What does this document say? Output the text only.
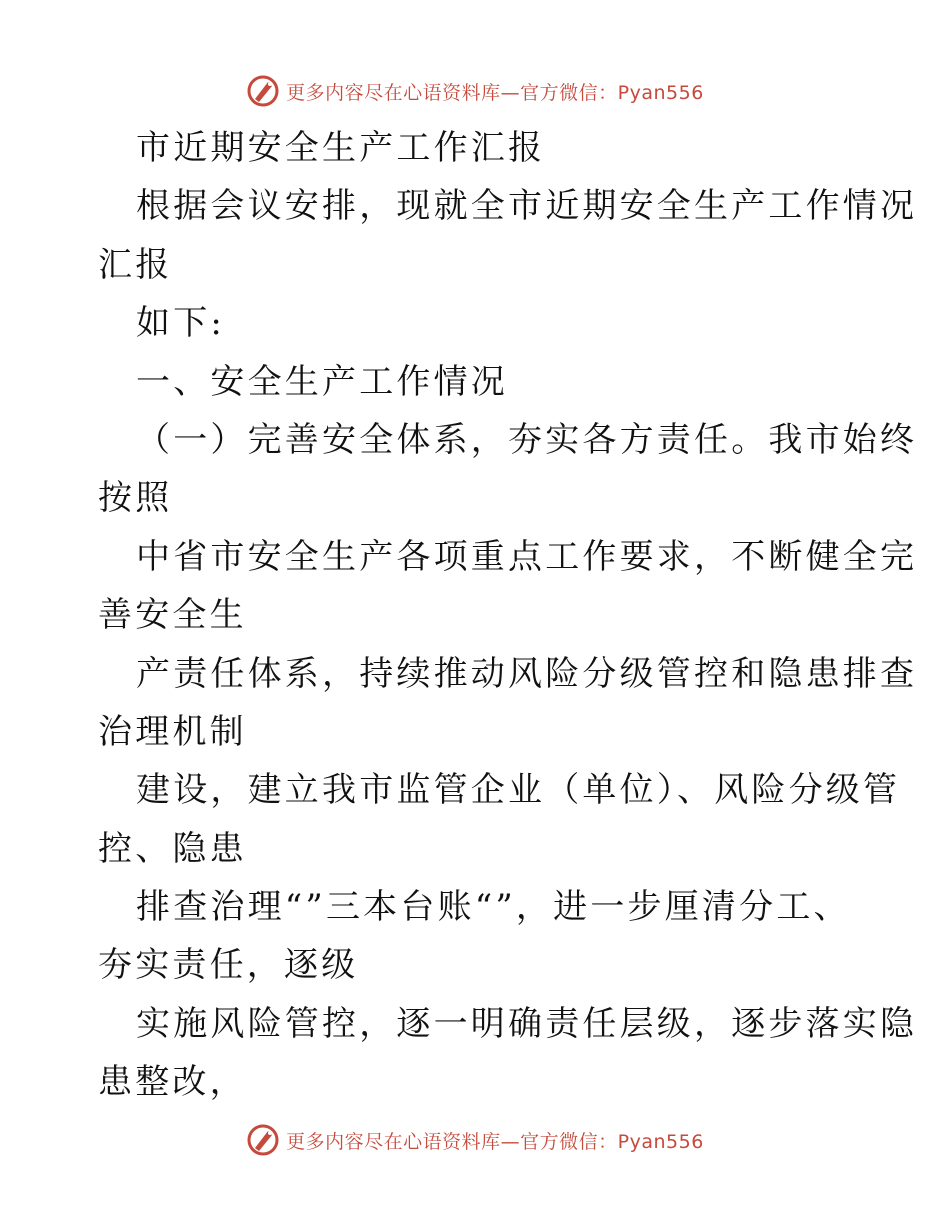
更多内容尽在心语资料库—官方微信：Pyan556
市近期安全生产工作汇报
根据会议安排，现就全市近期安全生产工作情况
汇报
如下:
一、安全生产工作情况
（一）完善安全体系，夯实各方责任。我市始终
按照
中省市安全生产各项重点工作要求，不断健全完
善安全生
产责任体系，持续推动风险分级管控和隐患排查
治理机制
建设，建立我市监管企业（单位）、风险分级管
控、隐患
排查治理“”三本台账“”，进一步厘清分工、
夯实责任，逐级
实施风险管控，逐一明确责任层级，逐步落实隐
患整改，
更多内容尽在心语资料库—官方微信：Pyan556
